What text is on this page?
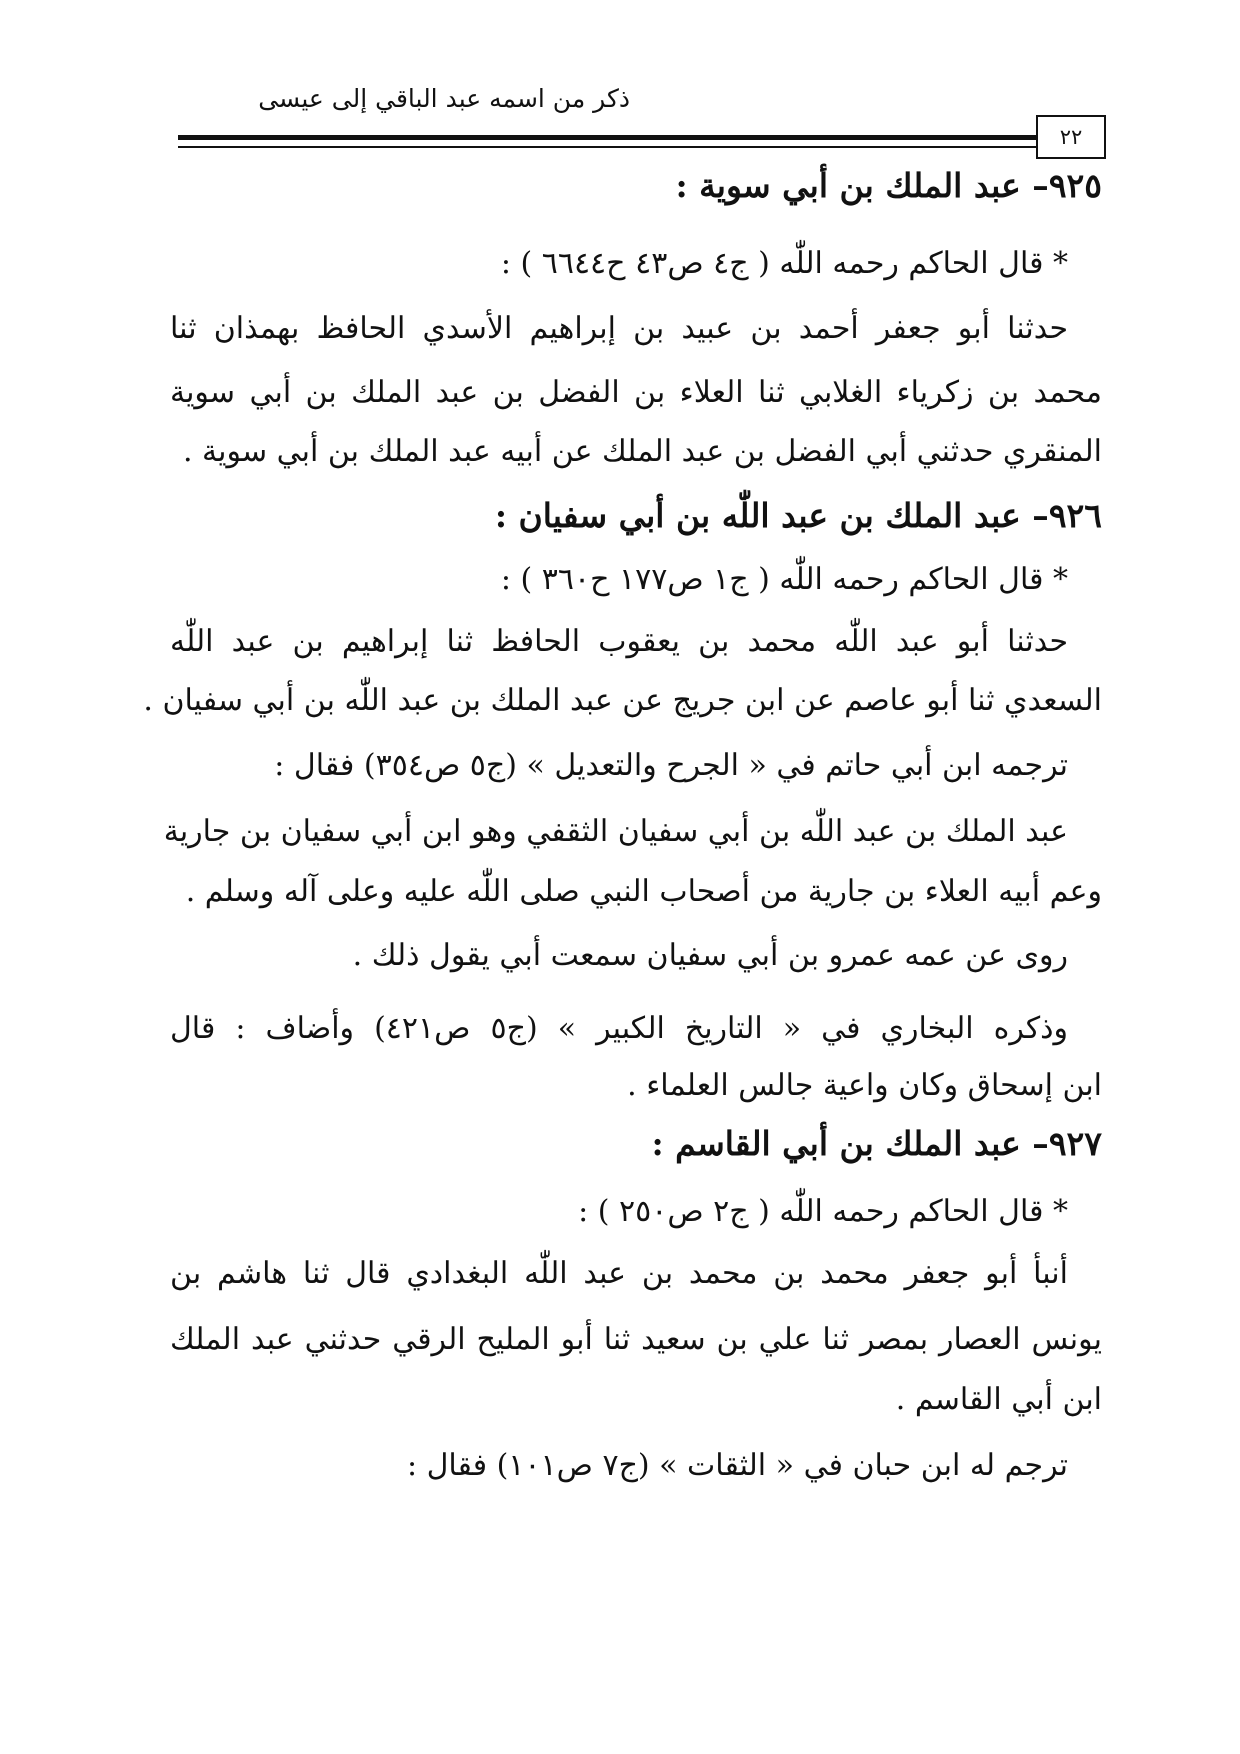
ذكر من اسمه عبد الباقي إلى عيسى
٢٢
٩٢٥– عبد الملك بن أبي سوية :
* قال الحاكم رحمه اللّٰه ( ج٤ ص٤٣ ح٦٦٤٤ ) :
حدثنا أبو جعفر أحمد بن عبيد بن إبراهيم الأسدي الحافظ بهمذان ثنا
محمد بن زكرياء الغلابي ثنا العلاء بن الفضل بن عبد الملك بن أبي سوية
المنقري حدثني أبي الفضل بن عبد الملك عن أبيه عبد الملك بن أبي سوية .
٩٢٦– عبد الملك بن عبد اللّٰه بن أبي سفيان :
* قال الحاكم رحمه اللّٰه ( ج١ ص١٧٧ ح٣٦٠ ) :
حدثنا أبو عبد اللّٰه محمد بن يعقوب الحافظ ثنا إبراهيم بن عبد اللّٰه
السعدي ثنا أبو عاصم عن ابن جريج عن عبد الملك بن عبد اللّٰه بن أبي سفيان .
ترجمه ابن أبي حاتم في « الجرح والتعديل » (ج٥ ص٣٥٤) فقال :
عبد الملك بن عبد اللّٰه بن أبي سفيان الثقفي وهو ابن أبي سفيان بن جارية
وعم أبيه العلاء بن جارية من أصحاب النبي صلى اللّٰه عليه وعلى آله وسلم .
روى عن عمه عمرو بن أبي سفيان سمعت أبي يقول ذلك .
وذكره البخاري في « التاريخ الكبير » (ج٥ ص٤٢١) وأضاف : قال
ابن إسحاق وكان واعية جالس العلماء .
٩٢٧– عبد الملك بن أبي القاسم :
* قال الحاكم رحمه اللّٰه ( ج٢ ص٢٥٠ ) :
أنبأ أبو جعفر محمد بن محمد بن عبد اللّٰه البغدادي قال ثنا هاشم بن
يونس العصار بمصر ثنا علي بن سعيد ثنا أبو المليح الرقي حدثني عبد الملك
ابن أبي القاسم .
ترجم له ابن حبان في « الثقات » (ج٧ ص١٠١) فقال :
